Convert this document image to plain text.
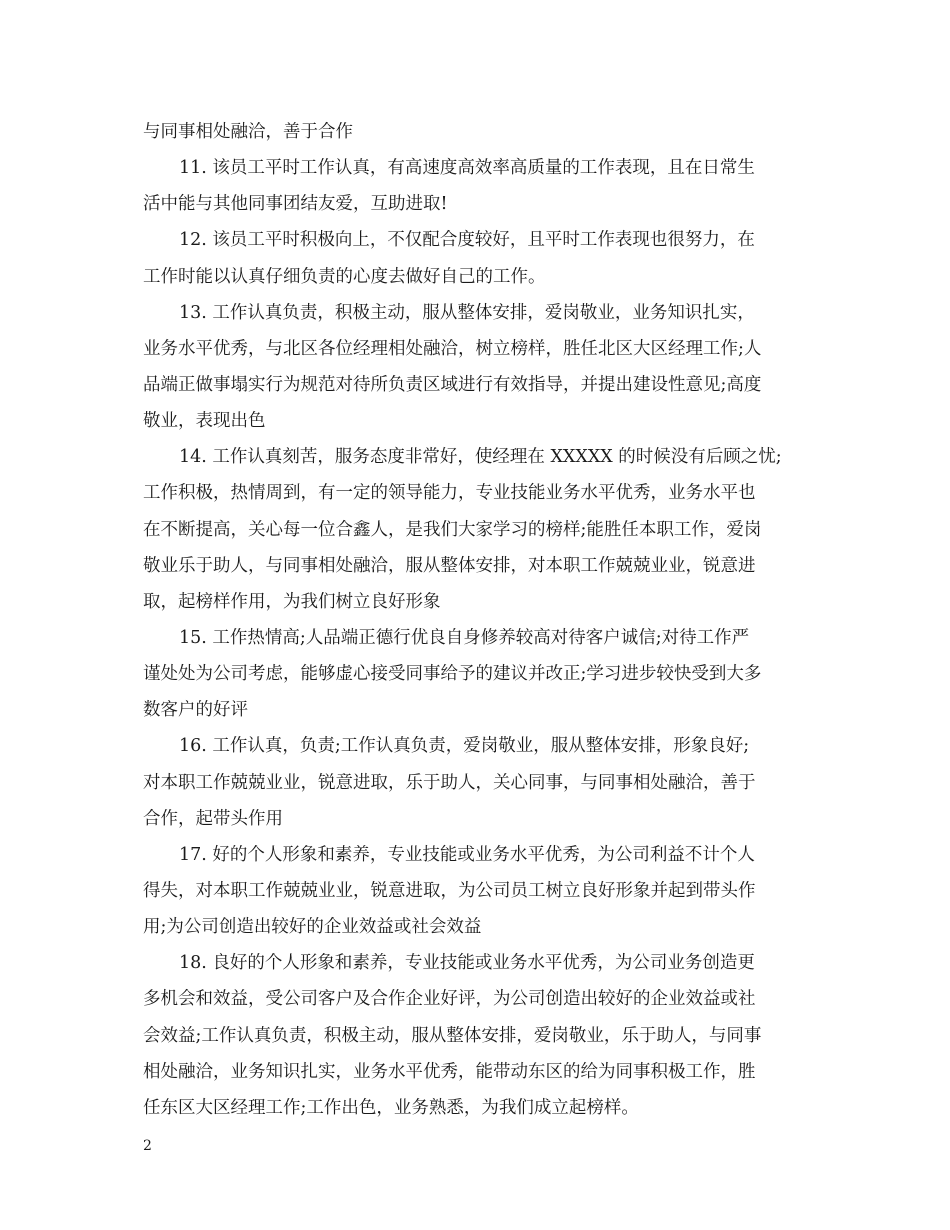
与同事相处融洽，善于合作
11. 该员工平时工作认真，有高速度高效率高质量的工作表现，且在日常生
活中能与其他同事团结友爱，互助进取!
12. 该员工平时积极向上，不仅配合度较好，且平时工作表现也很努力，在
工作时能以认真仔细负责的心度去做好自己的工作。
13. 工作认真负责，积极主动，服从整体安排，爱岗敬业，业务知识扎实，
业务水平优秀，与北区各位经理相处融洽，树立榜样，胜任北区大区经理工作;人
品端正做事塌实行为规范对待所负责区域进行有效指导，并提出建设性意见;高度
敬业，表现出色
14. 工作认真刻苦，服务态度非常好，使经理在 XXXXX 的时候没有后顾之忧;
工作积极，热情周到，有一定的领导能力，专业技能业务水平优秀，业务水平也
在不断提高，关心每一位合鑫人，是我们大家学习的榜样;能胜任本职工作，爱岗
敬业乐于助人，与同事相处融洽，服从整体安排，对本职工作兢兢业业，锐意进
取，起榜样作用，为我们树立良好形象
15. 工作热情高;人品端正德行优良自身修养较高对待客户诚信;对待工作严
谨处处为公司考虑，能够虚心接受同事给予的建议并改正;学习进步较快受到大多
数客户的好评
16. 工作认真，负责;工作认真负责，爱岗敬业，服从整体安排，形象良好;
对本职工作兢兢业业，锐意进取，乐于助人，关心同事，与同事相处融洽，善于
合作，起带头作用
17. 好的个人形象和素养，专业技能或业务水平优秀，为公司利益不计个人
得失，对本职工作兢兢业业，锐意进取，为公司员工树立良好形象并起到带头作
用;为公司创造出较好的企业效益或社会效益
18. 良好的个人形象和素养，专业技能或业务水平优秀，为公司业务创造更
多机会和效益，受公司客户及合作企业好评，为公司创造出较好的企业效益或社
会效益;工作认真负责，积极主动，服从整体安排，爱岗敬业，乐于助人，与同事
相处融洽，业务知识扎实，业务水平优秀，能带动东区的给为同事积极工作，胜
任东区大区经理工作;工作出色，业务熟悉，为我们成立起榜样。
2
